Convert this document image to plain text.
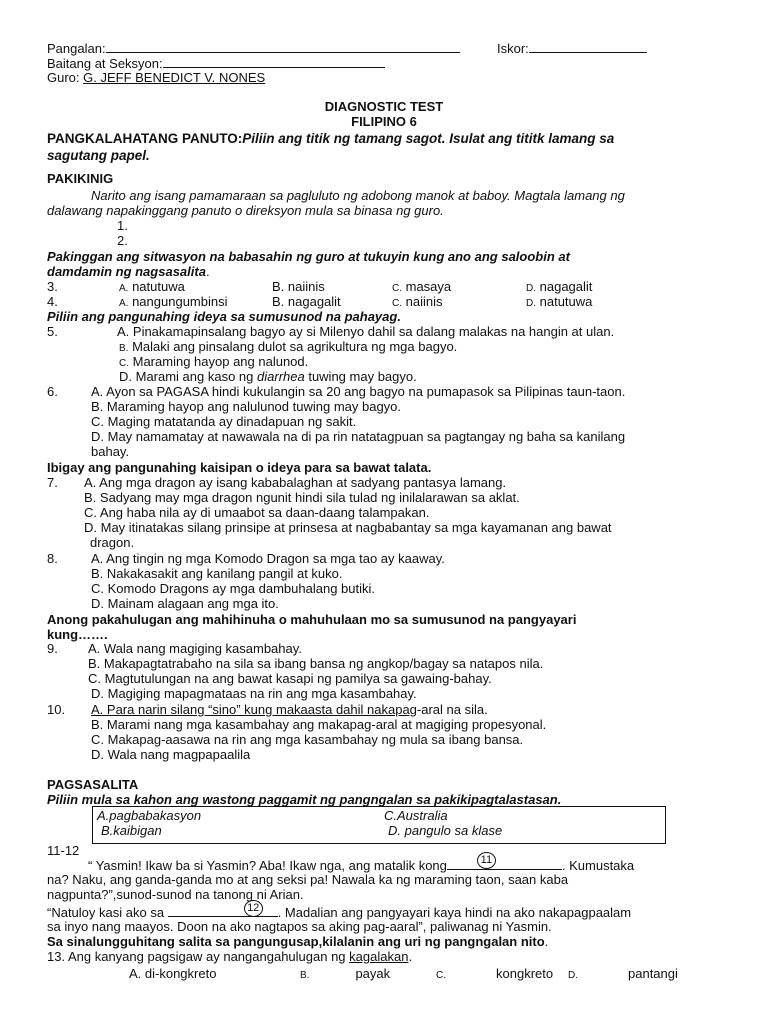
Pangalan:	Iskor:
Baitang at Seksyon:
Guro: G. JEFF BENEDICT V. NONES
DIAGNOSTIC TEST
FILIPINO 6
PANGKALAHATANG PANUTO:Piliin ang titik ng tamang sagot. Isulat ang tititk lamang sa
sagutang papel.
PAKIKINIG
Narito ang isang pamamaraan sa pagluluto ng adobong manok at baboy. Magtala lamang ng
dalawang napakinggang panuto o direksyon mula sa binasa ng guro.
1.
2.
Pakinggan ang sitwasyon na babasahin ng guro at tukuyin kung ano ang saloobin at
damdamin ng nagsasalita.
3.	A. natutuwa	B. naiinis	C. masaya	D. nagagalit
4.	A. nangungumbinsi	B. nagagalit	C. naiinis	D. natutuwa
Piliin ang pangunahing ideya sa sumusunod na pahayag.
5.	A. Pinakamapinsalang bagyo ay si Milenyo dahil sa dalang malakas na hangin at ulan.
B. Malaki ang pinsalang dulot sa agrikultura ng mga bagyo.
C. Maraming hayop ang nalunod.
D. Marami ang kaso ng diarrhea tuwing may bagyo.
6.	A. Ayon sa PAGASA hindi kukulangin sa 20 ang bagyo na pumapasok sa Pilipinas taun-taon.
B. Maraming hayop ang nalulunod tuwing may bagyo.
C. Maging matatanda ay dinadapuan ng sakit.
D. May namamatay at nawawala na di pa rin natatagpuan sa pagtangay ng baha sa kanilang
bahay.
Ibigay ang pangunahing kaisipan o ideya para sa bawat talata.
7. A. Ang mga dragon ay isang kababalaghan at sadyang pantasya lamang.
B. Sadyang may mga dragon ngunit hindi sila tulad ng inilalarawan sa aklat.
C. Ang haba nila ay di umaabot sa daan-daang talampakan.
D. May itinatakas silang prinsipe at prinsesa at nagbabantay sa mga kayamanan ang bawat
dragon.
8.	A. Ang tingin ng mga Komodo Dragon sa mga tao ay kaaway.
B. Nakakasakit ang kanilang pangil at kuko.
C. Komodo Dragons ay mga dambuhalang butiki.
D. Mainam alagaan ang mga ito.
Anong pakahulugan ang mahihinuha o mahuhulaan mo sa sumusunod na pangyayari
kung…….
9. A. Wala nang magiging kasambahay.
B. Makapagtatrabaho na sila sa ibang bansa ng angkop/bagay sa natapos nila.
C. Magtutulungan na ang bawat kasapi ng pamilya sa gawaing-bahay.
D. Magiging mapagmataas na rin ang mga kasambahay.
10. A. Para narin silang “sino” kung makaasta dahil nakapag-aral na sila.
B. Marami nang mga kasambahay ang makapag-aral at magiging propesyonal.
C. Makapag-aasawa na rin ang mga kasambahay ng mula sa ibang bansa.
D. Wala nang magpapaalila
PAGSASALITA
Piliin mula sa kahon ang wastong paggamit ng pangngalan sa pakikipagtalastasan.
A.pagbabakasyon	C.Australia
B.kaibigan	D. pangulo sa klase
11-12
“ Yasmin! Ikaw ba si Yasmin? Aba! Ikaw nga, ang matalik kong	11	. Kumustaka
na? Naku, ang ganda-ganda mo at ang seksi pa! Nawala ka ng maraming taon, saan kaba
nagpunta?”,sunod-sunod na tanong ni Arian.
“Natuloy kasi ako sa	12 . Madalian ang pangyayari kaya hindi na ako nakapagpaalam
sa inyo nang maayos. Doon na ako nagtapos sa aking pag-aaral”, paliwanag ni Yasmin.
Sa sinalungguhitang salita sa pangungusap,kilalanin ang uri ng pangngalan nito.
13. Ang kanyang pagsigaw ay nangangahulugan ng kagalakan.
A. di-kongkreto	B.	payak	C.	kongkreto D.	pantangi
